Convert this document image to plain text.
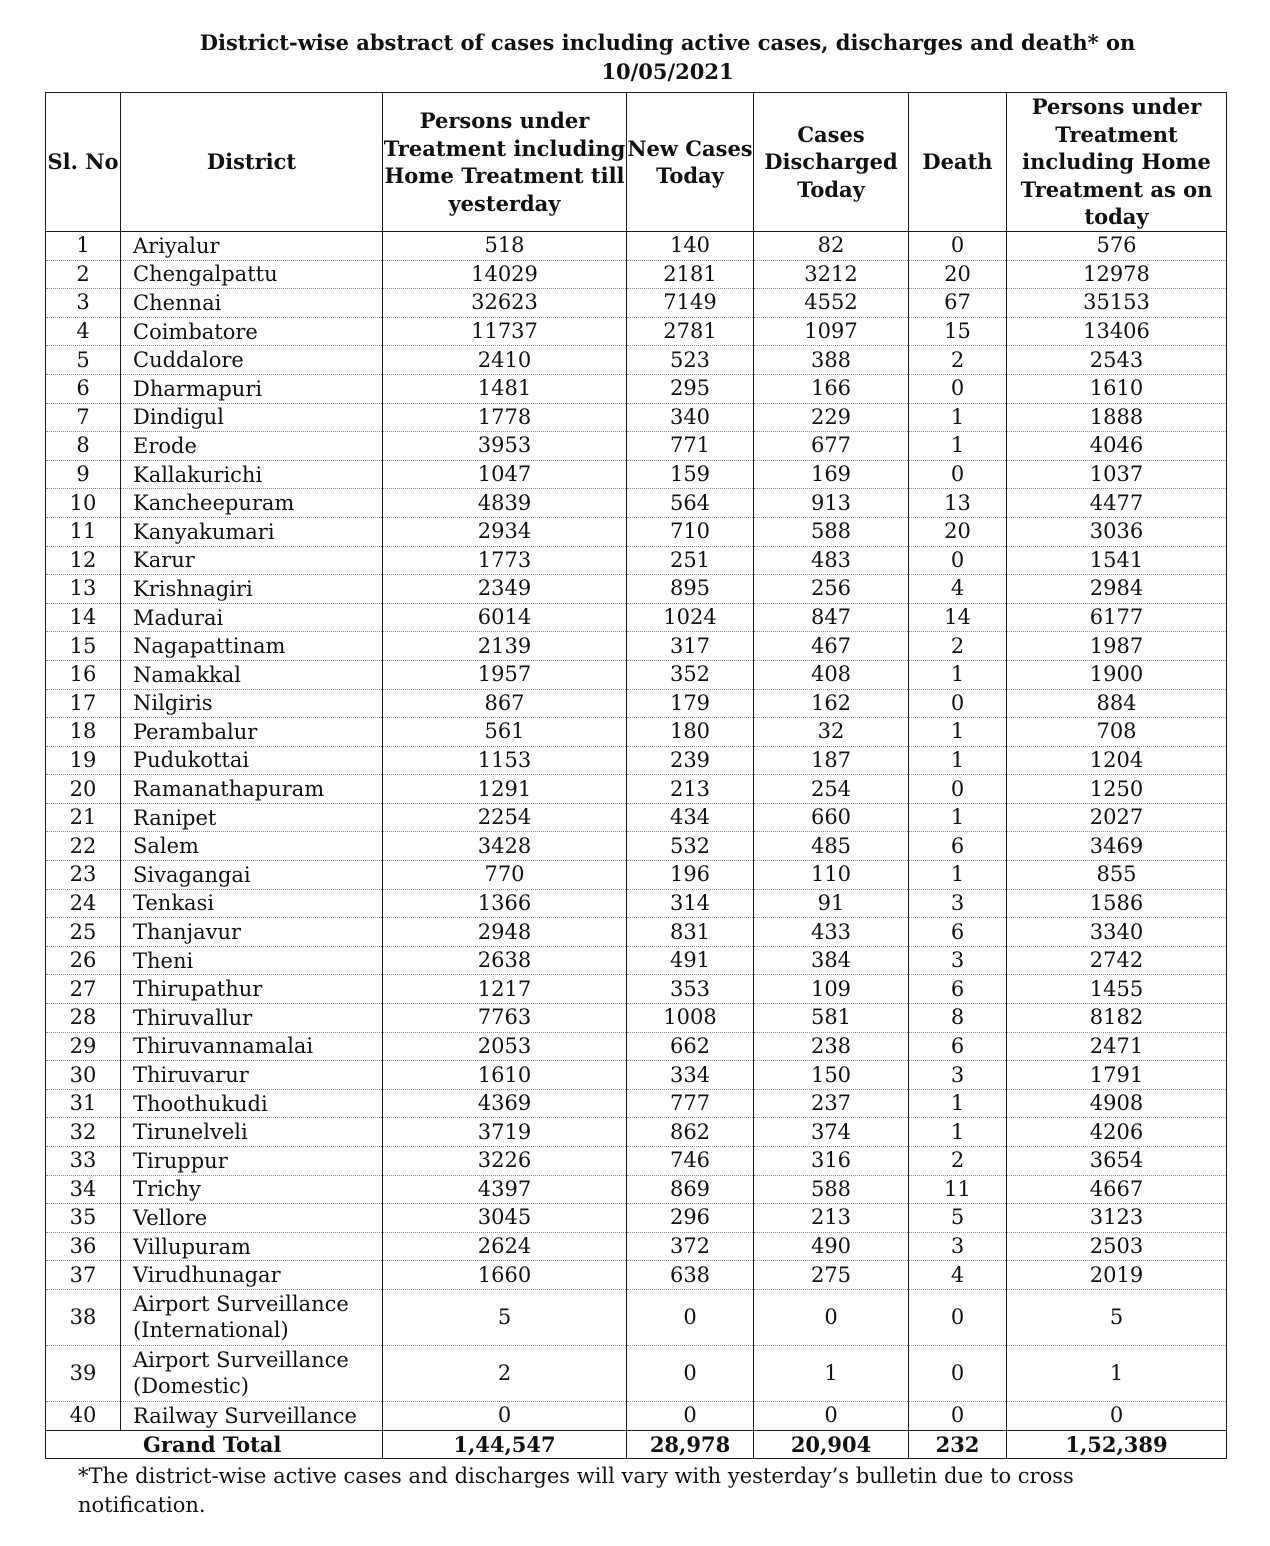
District-wise abstract of cases including active cases, discharges and death* on
10/05/2021
Sl. No	District	Persons under Treatment including Home Treatment till yesterday	New Cases Today	Cases Discharged Today	Death	Persons under Treatment including Home Treatment as on today
1	Ariyalur	518	140	82	0	576
2	Chengalpattu	14029	2181	3212	20	12978
3	Chennai	32623	7149	4552	67	35153
4	Coimbatore	11737	2781	1097	15	13406
5	Cuddalore	2410	523	388	2	2543
6	Dharmapuri	1481	295	166	0	1610
7	Dindigul	1778	340	229	1	1888
8	Erode	3953	771	677	1	4046
9	Kallakurichi	1047	159	169	0	1037
10	Kancheepuram	4839	564	913	13	4477
11	Kanyakumari	2934	710	588	20	3036
12	Karur	1773	251	483	0	1541
13	Krishnagiri	2349	895	256	4	2984
14	Madurai	6014	1024	847	14	6177
15	Nagapattinam	2139	317	467	2	1987
16	Namakkal	1957	352	408	1	1900
17	Nilgiris	867	179	162	0	884
18	Perambalur	561	180	32	1	708
19	Pudukottai	1153	239	187	1	1204
20	Ramanathapuram	1291	213	254	0	1250
21	Ranipet	2254	434	660	1	2027
22	Salem	3428	532	485	6	3469
23	Sivagangai	770	196	110	1	855
24	Tenkasi	1366	314	91	3	1586
25	Thanjavur	2948	831	433	6	3340
26	Theni	2638	491	384	3	2742
27	Thirupathur	1217	353	109	6	1455
28	Thiruvallur	7763	1008	581	8	8182
29	Thiruvannamalai	2053	662	238	6	2471
30	Thiruvarur	1610	334	150	3	1791
31	Thoothukudi	4369	777	237	1	4908
32	Tirunelveli	3719	862	374	1	4206
33	Tiruppur	3226	746	316	2	3654
34	Trichy	4397	869	588	11	4667
35	Vellore	3045	296	213	5	3123
36	Villupuram	2624	372	490	3	2503
37	Virudhunagar	1660	638	275	4	2019
38	Airport Surveillance (International)	5	0	0	0	5
39	Airport Surveillance (Domestic)	2	0	1	0	1
40	Railway Surveillance	0	0	0	0	0
Grand Total		1,44,547	28,978	20,904	232	1,52,389
*The district-wise active cases and discharges will vary with yesterday’s bulletin due to cross notification.
